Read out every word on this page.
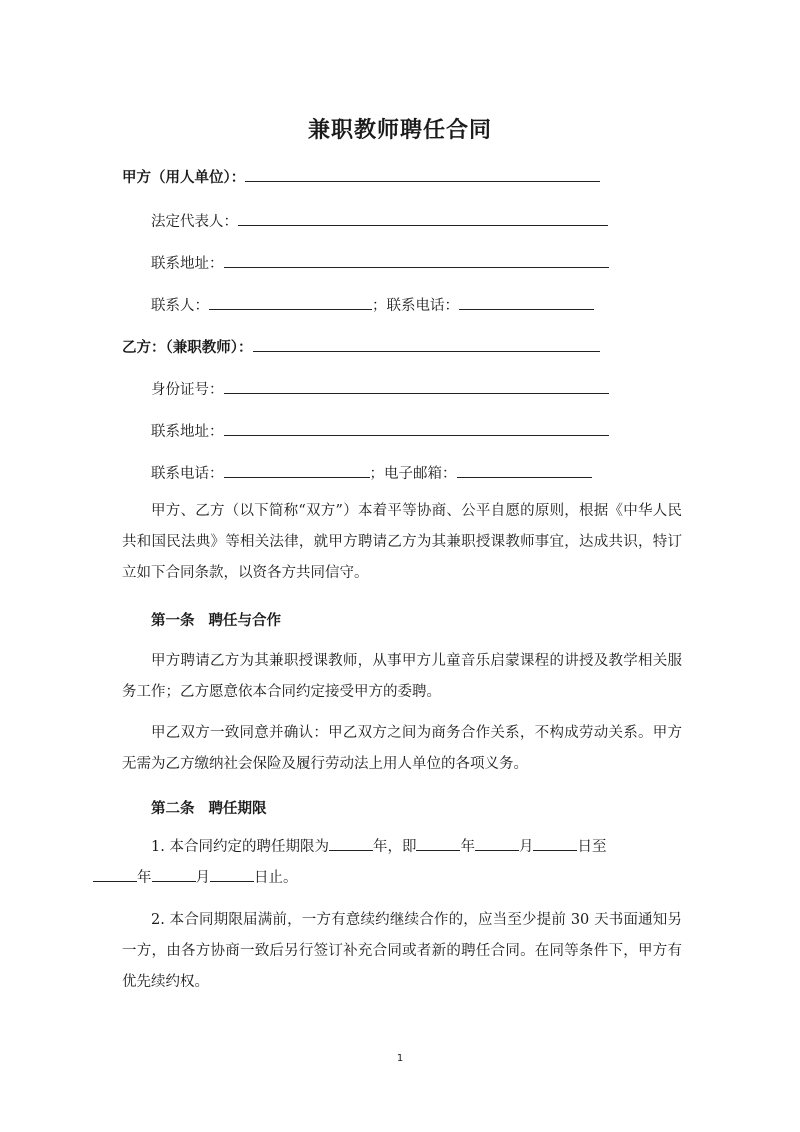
兼职教师聘任合同
甲方（用人单位）：
法定代表人：
联系地址：
联系人：	； 联系电话：
乙方：（兼职教师）：
身份证号：
联系地址：
联系电话：	； 电子邮箱：
甲方、乙方（以下简称“双方”）本着平等协商、公平自愿的原则，根据《中华人民共和国民法典》等相关法律，就甲方聘请乙方为其兼职授课教师事宜，达成共识，特订立如下合同条款，以资各方共同信守。
第一条 聘任与合作
甲方聘请乙方为其兼职授课教师，从事甲方儿童音乐启蒙课程的讲授及教学相关服务工作；乙方愿意依本合同约定接受甲方的委聘。
甲乙双方一致同意并确认：甲乙双方之间为商务合作关系，不构成劳动关系。甲方无需为乙方缴纳社会保险及履行劳动法上用人单位的各项义务。
第二条 聘任期限
1. 本合同约定的聘任期限为	年，即	年	月	日至
年	月	日止。
2. 本合同期限届满前，一方有意续约继续合作的，应当至少提前 30 天书面通知另一方，由各方协商一致后另行签订补充合同或者新的聘任合同。在同等条件下，甲方有优先续约权。
1
